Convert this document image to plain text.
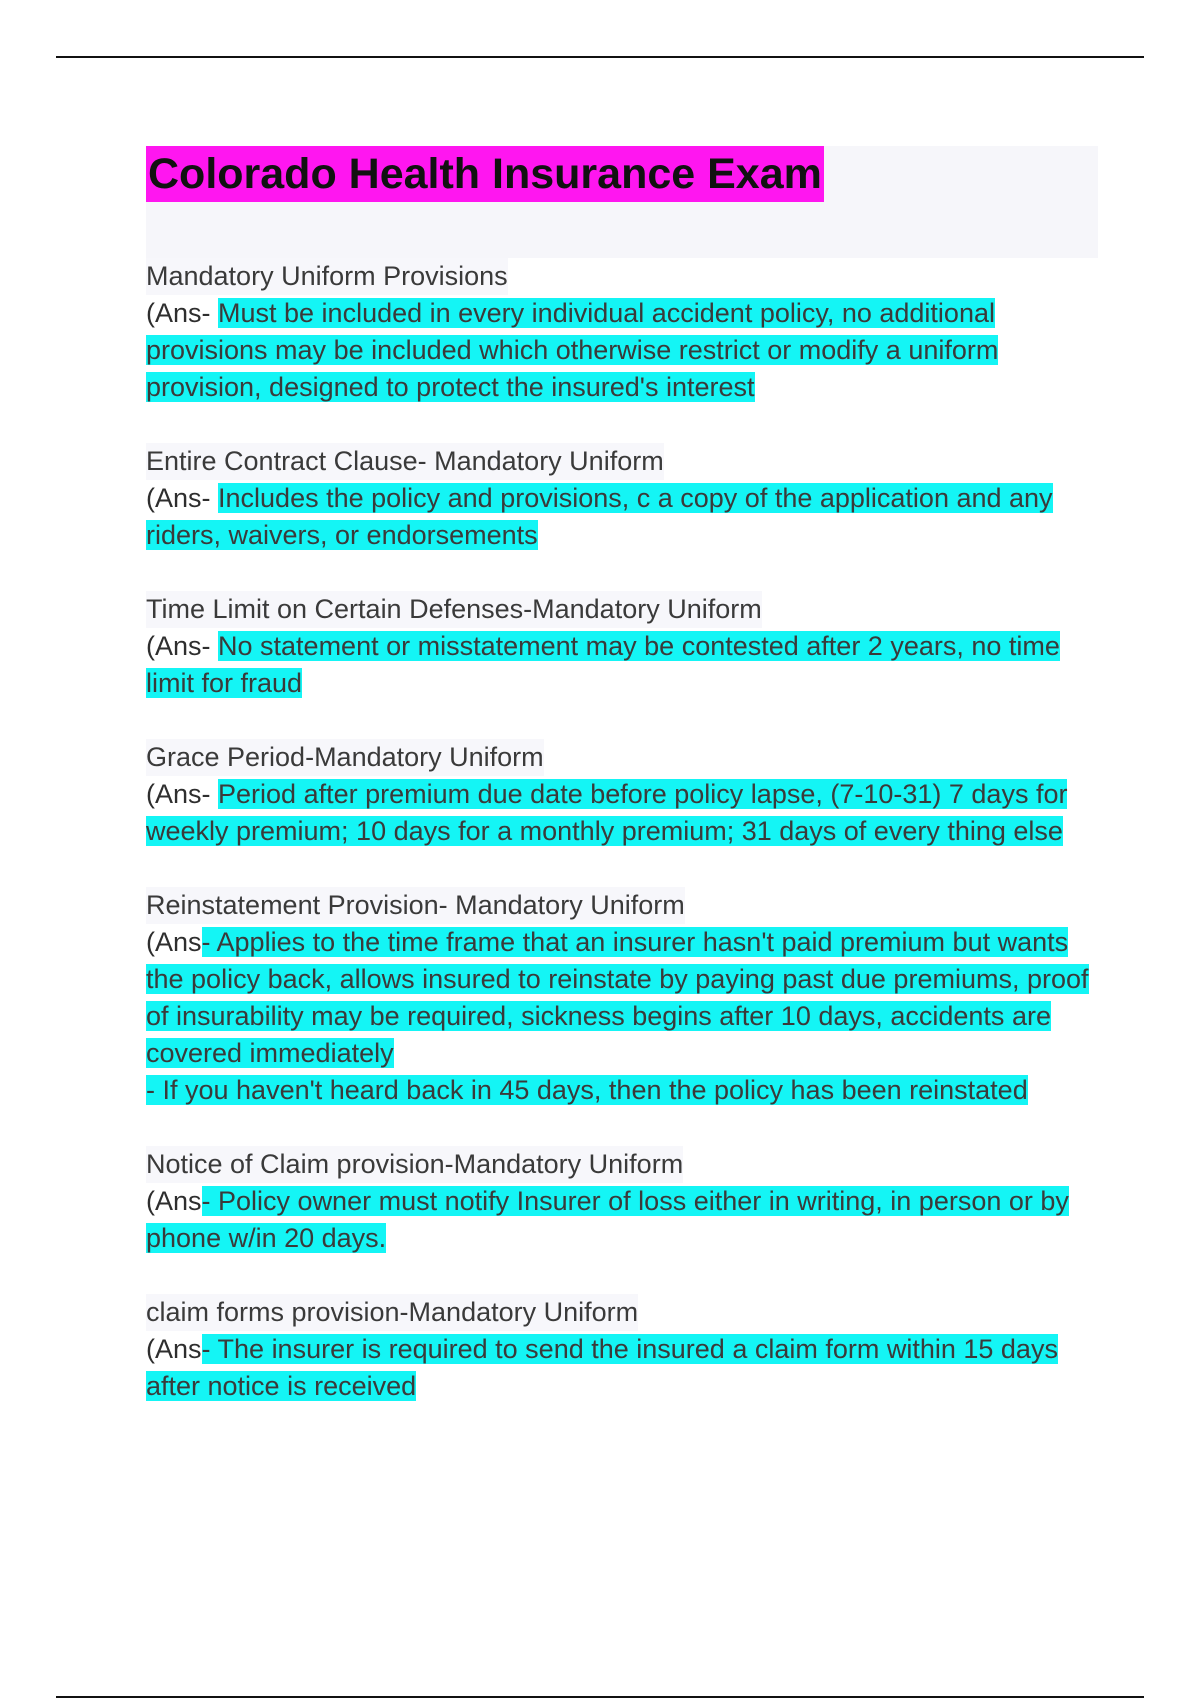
Colorado Health Insurance Exam
Mandatory Uniform Provisions
(Ans- Must be included in every individual accident policy, no additional provisions may be included which otherwise restrict or modify a uniform provision, designed to protect the insured's interest
Entire Contract Clause- Mandatory Uniform
(Ans- Includes the policy and provisions, c a copy of the application and any riders, waivers, or endorsements
Time Limit on Certain Defenses-Mandatory Uniform
(Ans- No statement or misstatement may be contested after 2 years, no time limit for fraud
Grace Period-Mandatory Uniform
(Ans- Period after premium due date before policy lapse, (7-10-31) 7 days for weekly premium; 10 days for a monthly premium; 31 days of every thing else
Reinstatement Provision- Mandatory Uniform
(Ans- Applies to the time frame that an insurer hasn't paid premium but wants the policy back, allows insured to reinstate by paying past due premiums, proof of insurability may be required, sickness begins after 10 days, accidents are covered immediately
- If you haven't heard back in 45 days, then the policy has been reinstated
Notice of Claim provision-Mandatory Uniform
(Ans- Policy owner must notify Insurer of loss either in writing, in person or by phone w/in 20 days.
claim forms provision-Mandatory Uniform
(Ans- The insurer is required to send the insured a claim form within 15 days after notice is received
